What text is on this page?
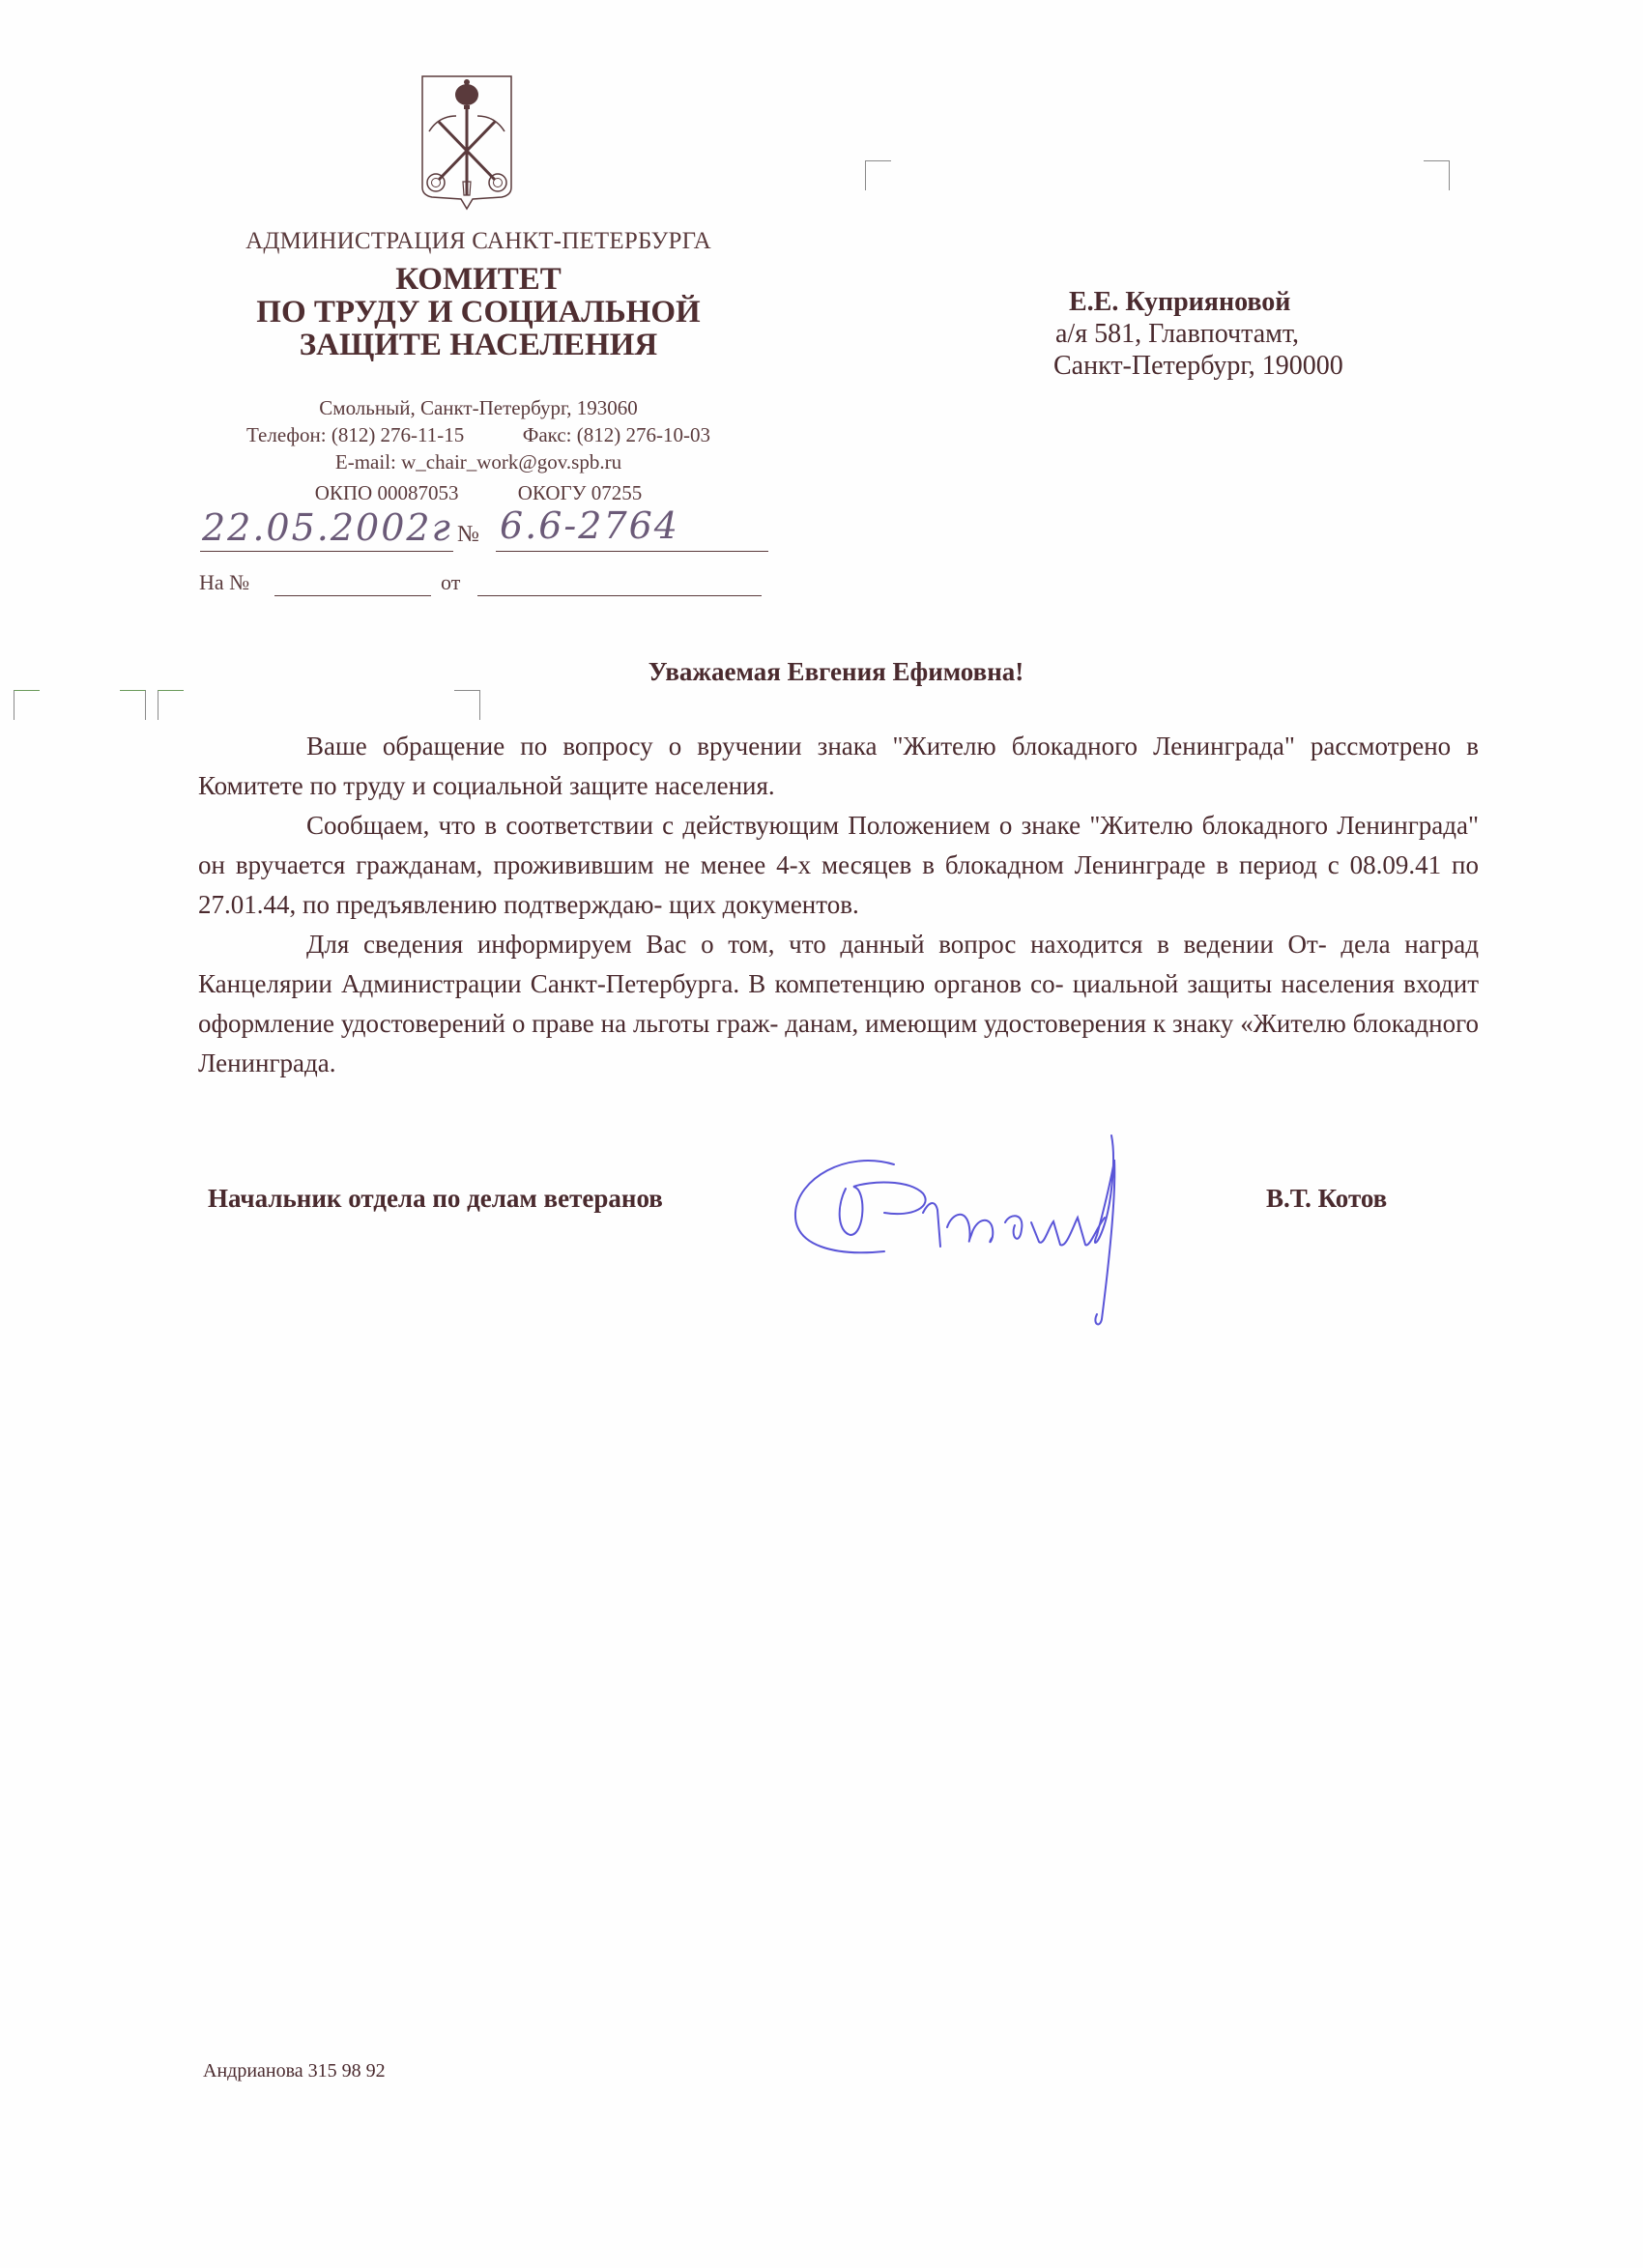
АДМИНИСТРАЦИЯ САНКТ-ПЕТЕРБУРГА
КОМИТЕТ
ПО ТРУДУ И СОЦИАЛЬНОЙ
ЗАЩИТЕ НАСЕЛЕНИЯ
Смольный, Санкт-Петербург, 193060
Телефон: (812) 276-11-15	Факс: (812) 276-10-03
E-mail: w_chair_work@gov.spb.ru
ОКПО 00087053	ОКОГУ 07255
22.05.2002г № 6.6-2764
На №	от
Е.Е. Куприяновой
а/я 581, Главпочтамт,
Санкт-Петербург, 190000
Уважаемая Евгения Ефимовна!

Ваше обращение по вопросу о вручении знака "Жителю блокадного Ленинграда" рассмотрено в Комитете по труду и социальной защите населения.

Сообщаем, что в соответствии с действующим Положением о знаке "Жителю блокадного Ленинграда" он вручается гражданам, проживившим не менее 4-х месяцев в блокадном Ленинграде в период с 08.09.41 по 27.01.44, по предъявлению подтверждаю- щих документов.

Для сведения информируем Вас о том, что данный вопрос находится в ведении От- дела наград Канцелярии Администрации Санкт-Петербурга. В компетенцию органов со- циальной защиты населения входит оформление удостоверений о праве на льготы граж- данам, имеющим удостоверения к знаку «Жителю блокадного Ленинграда.

Начальник отдела по делам ветеранов	В.Т. Котов
Андрианова 315 98 92
